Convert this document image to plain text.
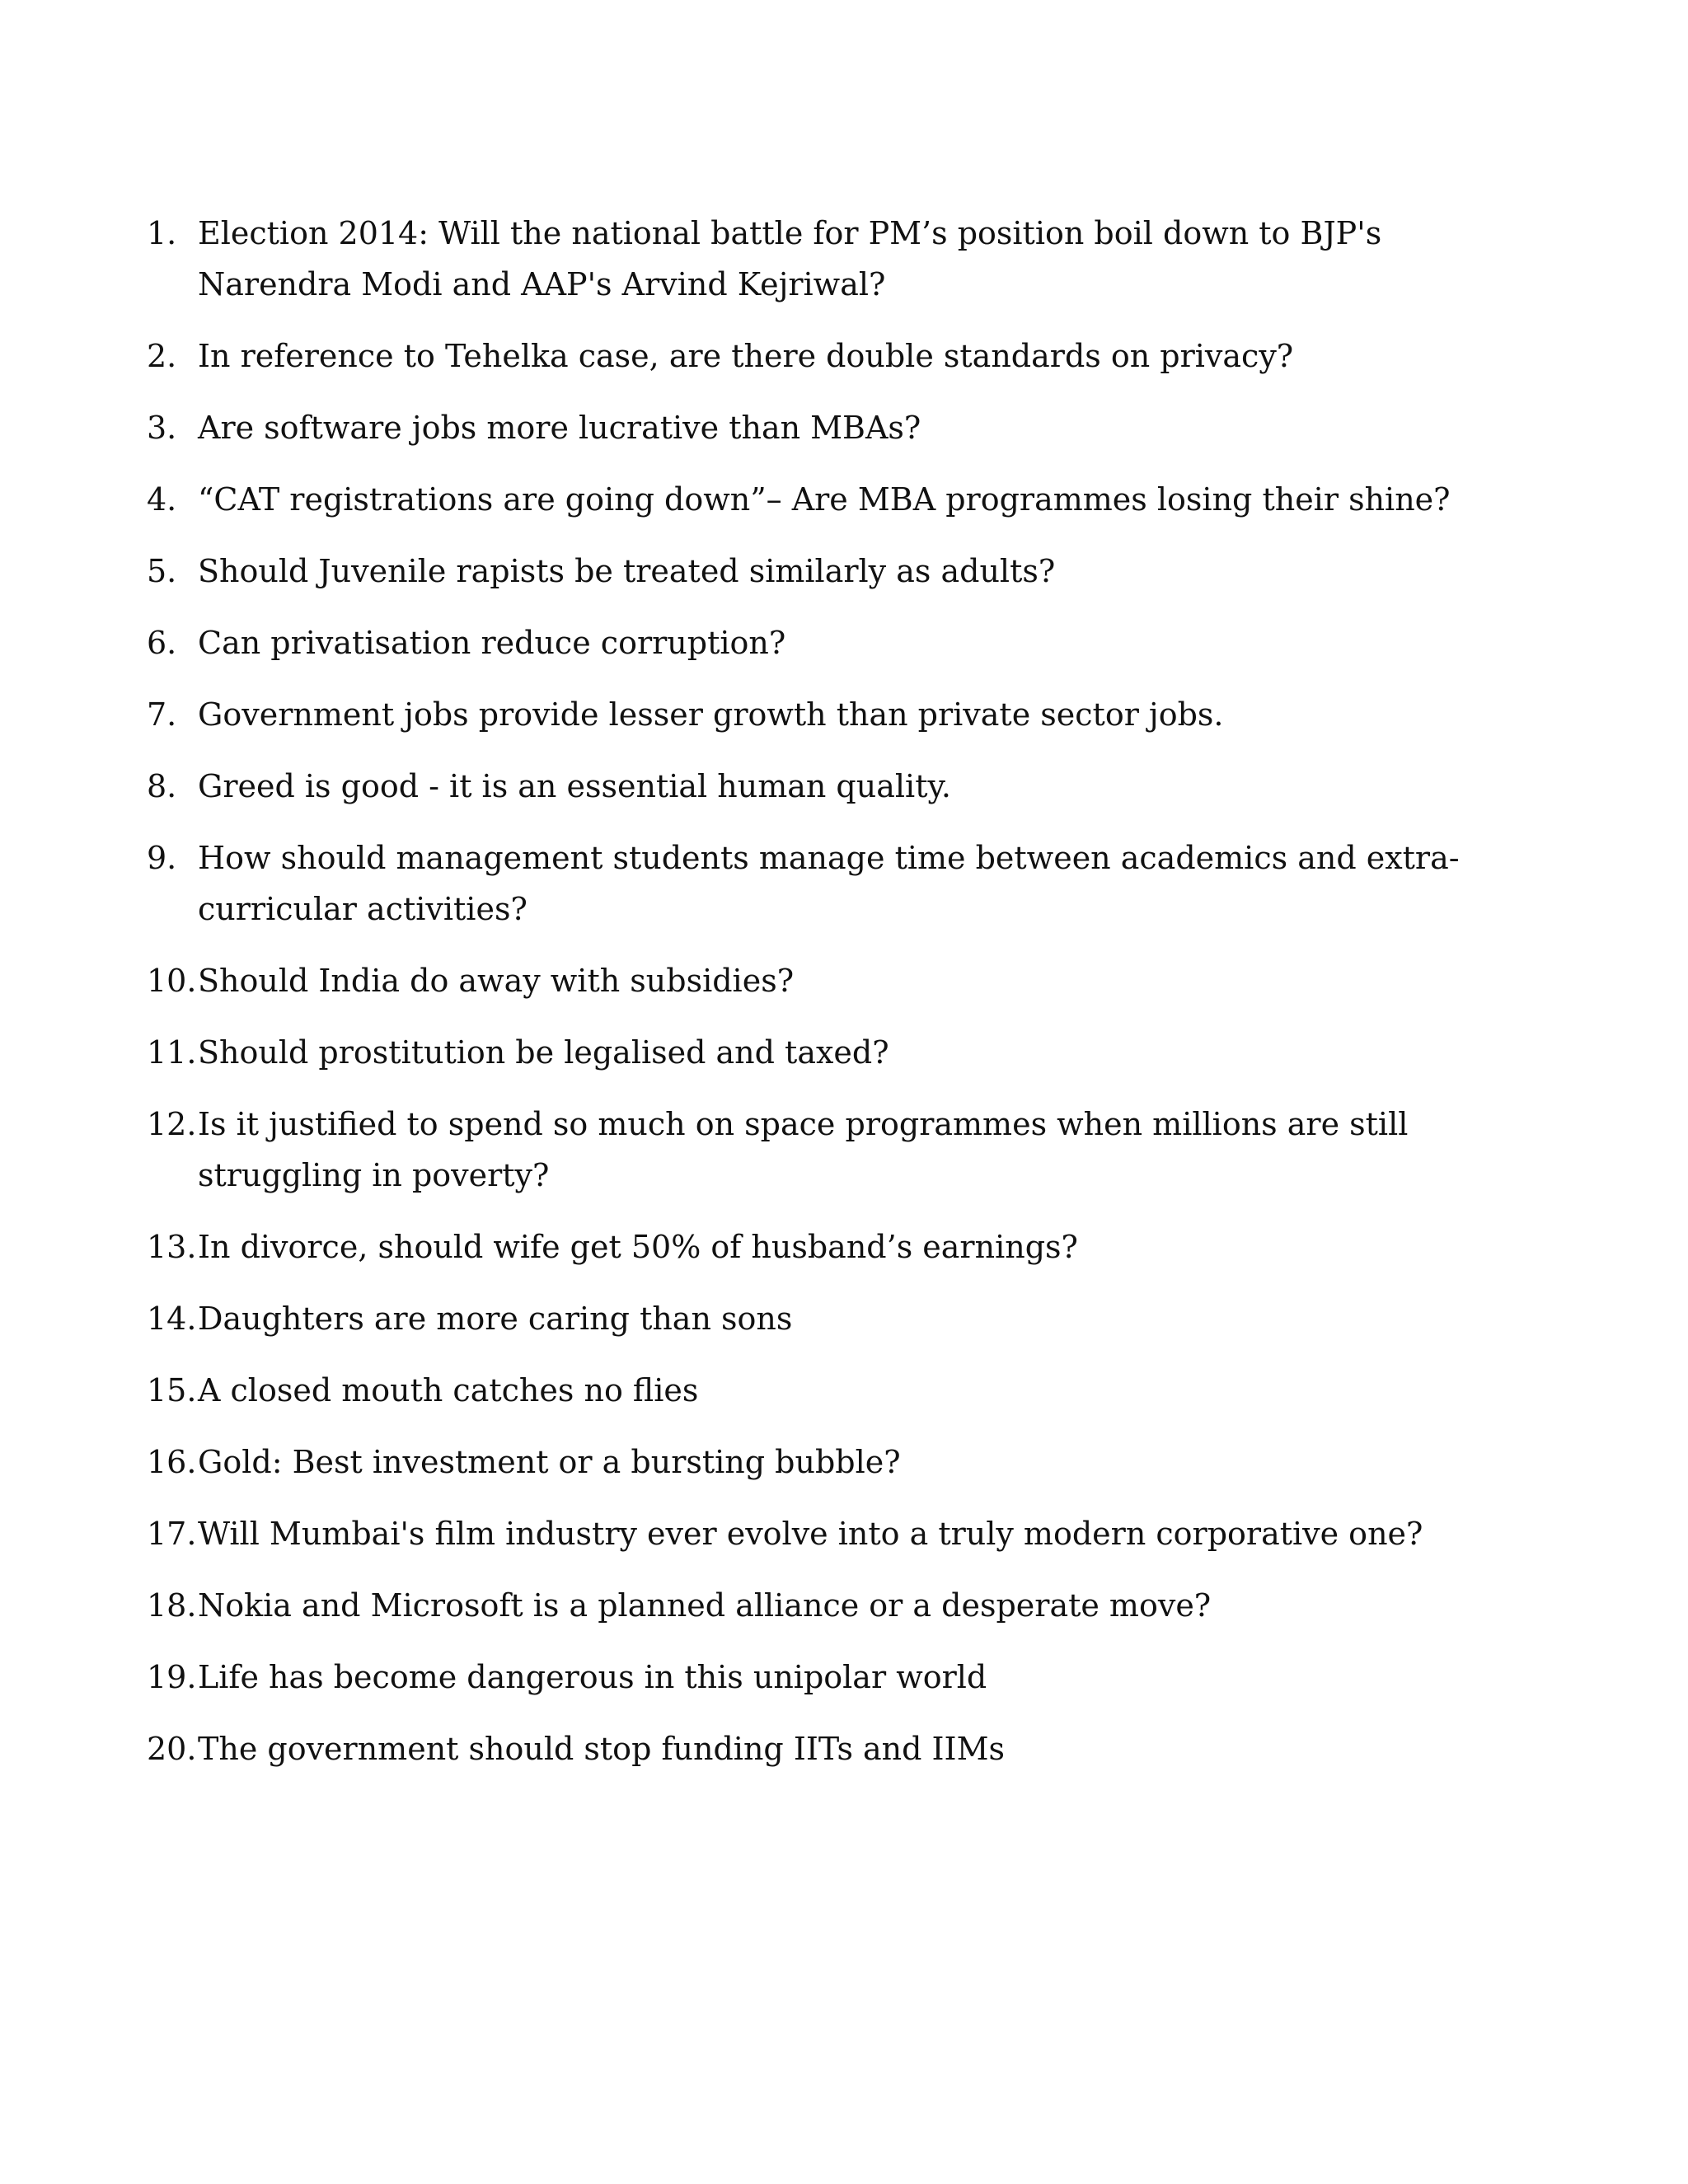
1. Election 2014: Will the national battle for PM’s position boil down to BJP's Narendra Modi and AAP's Arvind Kejriwal?
2. In reference to Tehelka case, are there double standards on privacy?
3. Are software jobs more lucrative than MBAs?
4. “CAT registrations are going down”– Are MBA programmes losing their shine?
5. Should Juvenile rapists be treated similarly as adults?
6. Can privatisation reduce corruption?
7. Government jobs provide lesser growth than private sector jobs.
8. Greed is good - it is an essential human quality.
9. How should management students manage time between academics and extra-curricular activities?
10. Should India do away with subsidies?
11. Should prostitution be legalised and taxed?
12. Is it justified to spend so much on space programmes when millions are still struggling in poverty?
13. In divorce, should wife get 50% of husband’s earnings?
14. Daughters are more caring than sons
15. A closed mouth catches no flies
16. Gold: Best investment or a bursting bubble?
17. Will Mumbai's film industry ever evolve into a truly modern corporative one?
18. Nokia and Microsoft is a planned alliance or a desperate move?
19. Life has become dangerous in this unipolar world
20. The government should stop funding IITs and IIMs
